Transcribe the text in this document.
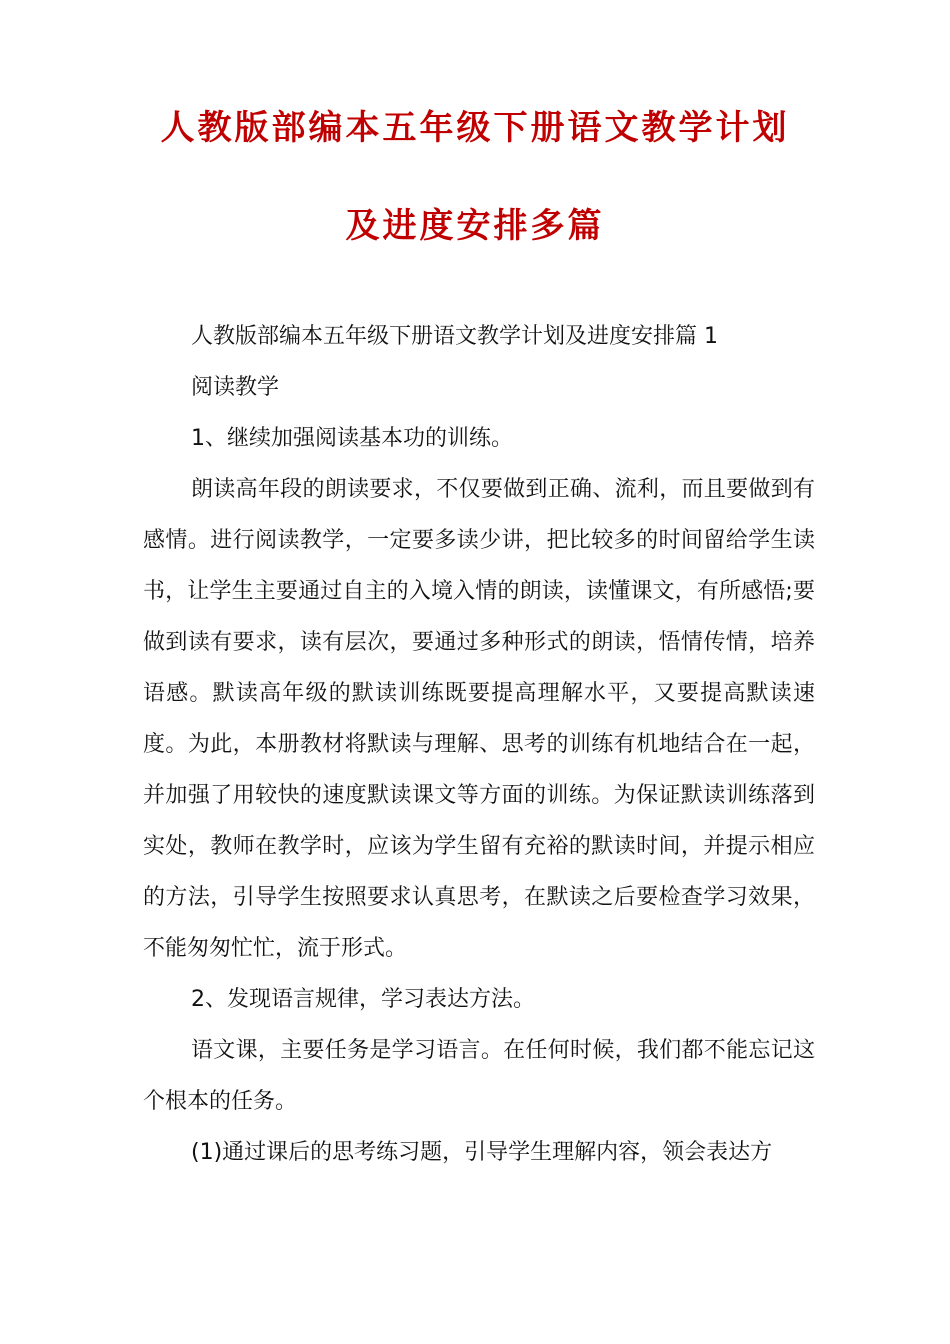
人教版部编本五年级下册语文教学计划
及进度安排多篇

人教版部编本五年级下册语文教学计划及进度安排篇 1

阅读教学

1、继续加强阅读基本功的训练。

朗读高年段的朗读要求，不仅要做到正确、流利，而且要做到有感情。进行阅读教学，一定要多读少讲，把比较多的时间留给学生读书，让学生主要通过自主的入境入情的朗读，读懂课文，有所感悟;要做到读有要求，读有层次，要通过多种形式的朗读，悟情传情，培养语感。默读高年级的默读训练既要提高理解水平，又要提高默读速度。为此，本册教材将默读与理解、思考的训练有机地结合在一起，并加强了用较快的速度默读课文等方面的训练。为保证默读训练落到实处，教师在教学时，应该为学生留有充裕的默读时间，并提示相应的方法，引导学生按照要求认真思考，在默读之后要检查学习效果，不能匆匆忙忙，流于形式。

2、发现语言规律，学习表达方法。

语文课，主要任务是学习语言。在任何时候，我们都不能忘记这个根本的任务。

(1)通过课后的思考练习题，引导学生理解内容，领会表达方
